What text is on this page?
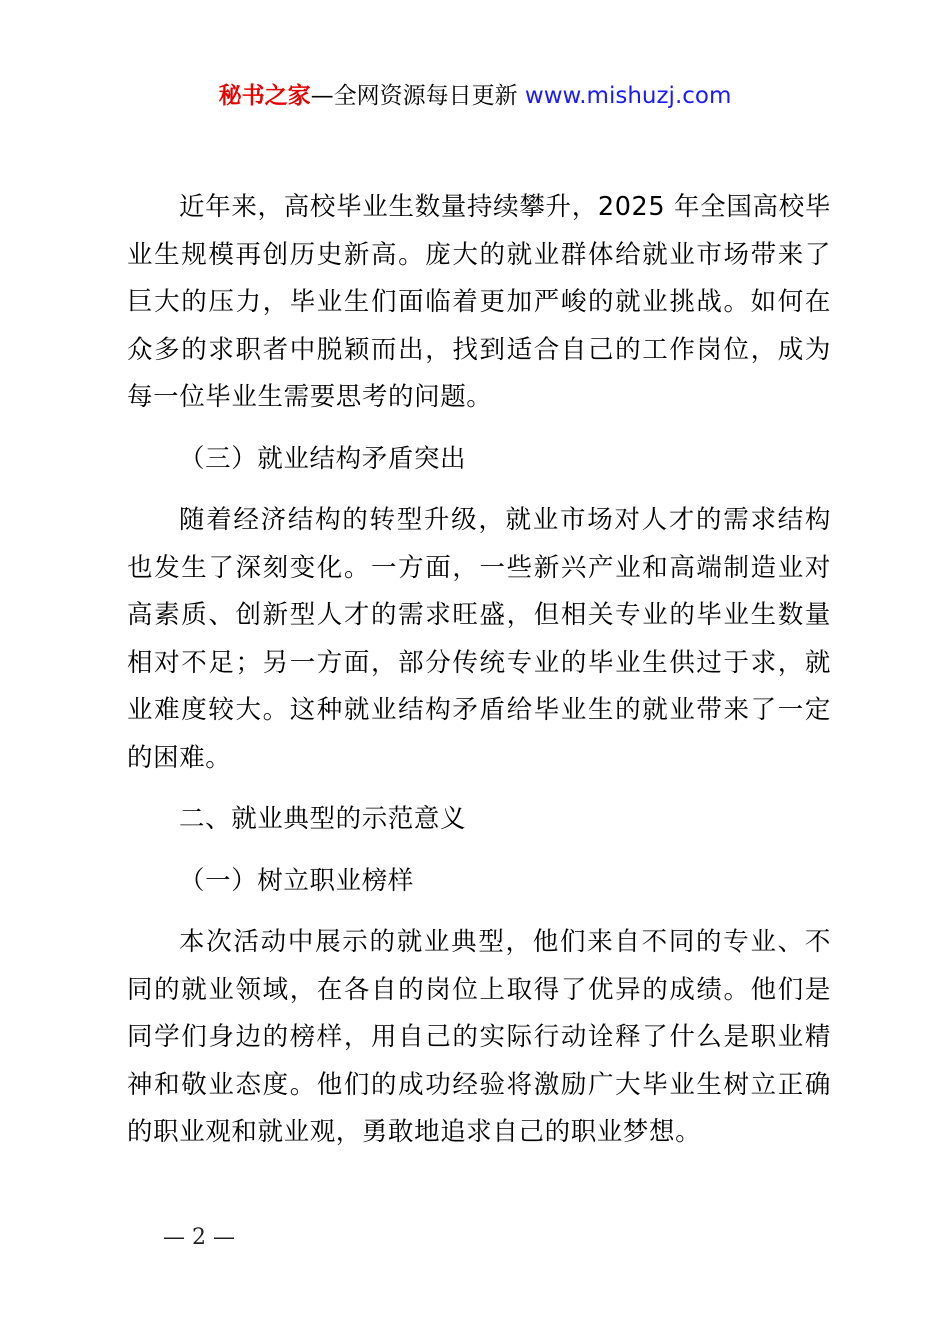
秘书之家—全网资源每日更新 www.mishuzj.com

近年来，高校毕业生数量持续攀升，2025 年全国高校毕业生规模再创历史新高。庞大的就业群体给就业市场带来了巨大的压力，毕业生们面临着更加严峻的就业挑战。如何在众多的求职者中脱颖而出，找到适合自己的工作岗位，成为每一位毕业生需要思考的问题。

（三）就业结构矛盾突出

随着经济结构的转型升级，就业市场对人才的需求结构也发生了深刻变化。一方面，一些新兴产业和高端制造业对高素质、创新型人才的需求旺盛，但相关专业的毕业生数量相对不足；另一方面，部分传统专业的毕业生供过于求，就业难度较大。这种就业结构矛盾给毕业生的就业带来了一定的困难。

二、就业典型的示范意义

（一）树立职业榜样

本次活动中展示的就业典型，他们来自不同的专业、不同的就业领域，在各自的岗位上取得了优异的成绩。他们是同学们身边的榜样，用自己的实际行动诠释了什么是职业精神和敬业态度。他们的成功经验将激励广大毕业生树立正确的职业观和就业观，勇敢地追求自己的职业梦想。

— 2 —
